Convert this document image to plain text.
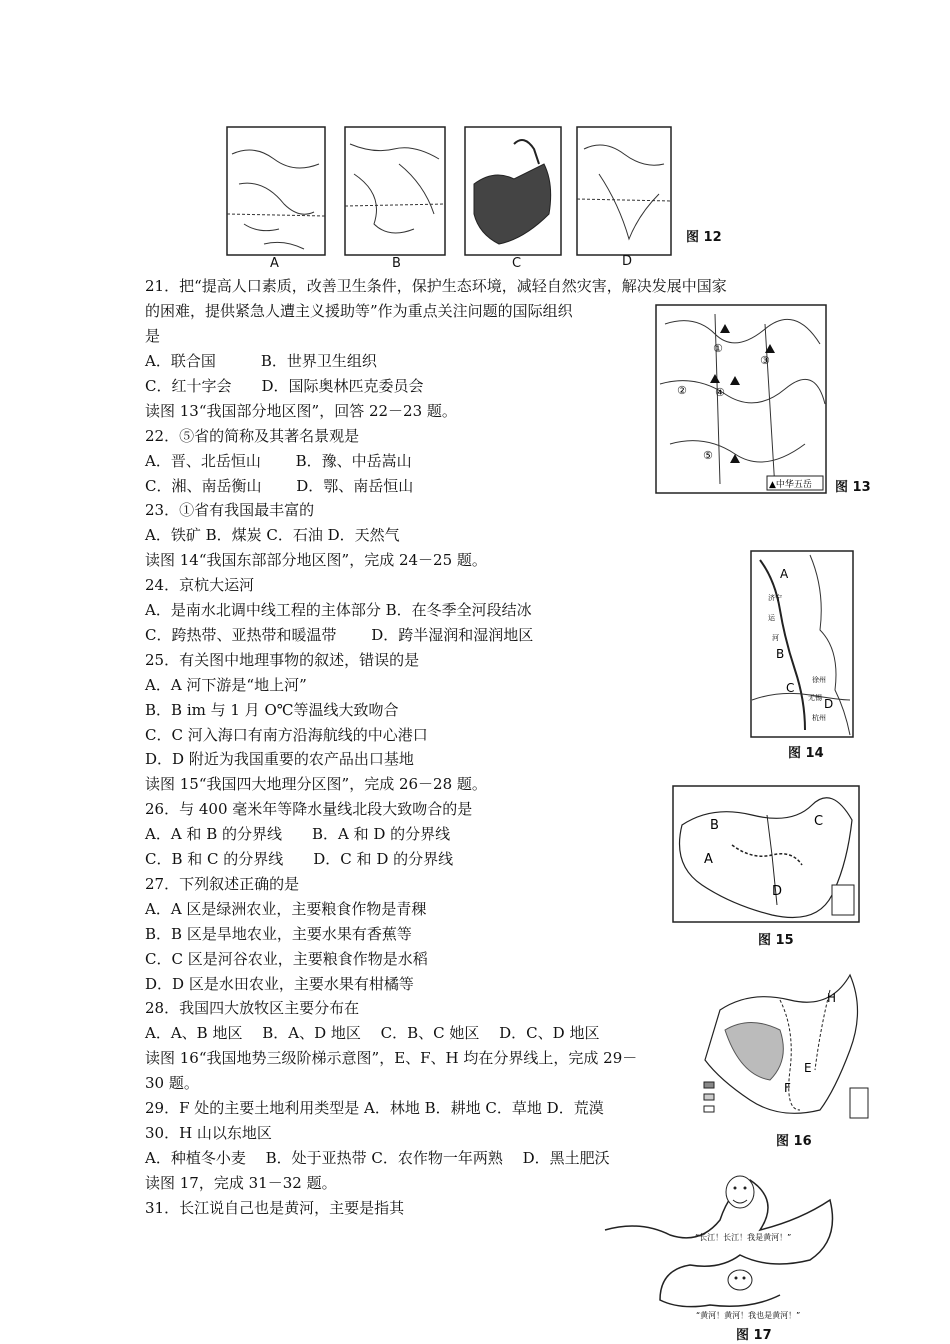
A	B	C	D
图 12
①
②
③
④
⑤
▲中华五岳 图 13
A
B
C
D
济宁
徐州
无锡
杭州
运
河
图 14
B
A
C
D
图 15
H
E
F
图 16
“长江！长江！我是黄河！”
“黄河！黄河！我也是黄河！”
图 17
21．把“提高人口素质，改善卫生条件，保护生态环境，减轻自然灾害，解决发展中国家
的困难，提供紧急人遭主义援助等”作为重点关注问题的国际组织
是
A．联合国　　　B．世界卫生组织
C．红十字会　　D．国际奥林匹克委员会
读图 13“我国部分地区图”，回答 22－23 题。
22．⑤省的简称及其著名景观是
A．晋、北岳恒山　　 B．豫、中岳嵩山
C．湘、南岳衡山　　 D．鄂、南岳恒山
23．①省有我国最丰富的
A．铁矿 B．煤炭 C．石油 D．天然气
读图 14“我国东部部分地区图”，完成 24－25 题。
24．京杭大运河
A．是南水北调中线工程的主体部分 B．在冬季全河段结冰
C．跨热带、亚热带和暖温带　　 D．跨半湿润和湿润地区
25．有关图中地理事物的叙述，错误的是
A．A 河下游是“地上河”
B．B im 与 1 月 O℃等温线大致吻合
C．C 河入海口有南方沿海航线的中心港口
D．D 附近为我国重要的农产品出口基地
读图 15“我国四大地理分区图”，完成 26－28 题。
26．与 400 毫米年等降水量线北段大致吻合的是
A．A 和 B 的分界线　　B．A 和 D 的分界线
C．B 和 C 的分界线　　D．C 和 D 的分界线
27．下列叙述正确的是
A．A 区是绿洲农业，主要粮食作物是青稞
B．B 区是旱地农业，主要水果有香蕉等
C．C 区是河谷农业，主要粮食作物是水稻
D．D 区是水田农业，主要水果有柑橘等
28．我国四大放牧区主要分布在
A．A、B 地区　 B．A、D 地区　 C．B、C 她区　 D．C、D 地区
读图 16“我国地势三级阶梯示意图”，E、F、H 均在分界线上，完成 29－
30 题。
29．F 处的主要土地利用类型是 A．林地 B．耕地 C．草地 D．荒漠
30．H 山以东地区
A．种植冬小麦　 B．处于亚热带 C．农作物一年两熟　 D．黑土肥沃
读图 17，完成 31－32 题。
31．长江说自己也是黄河，主要是指其
